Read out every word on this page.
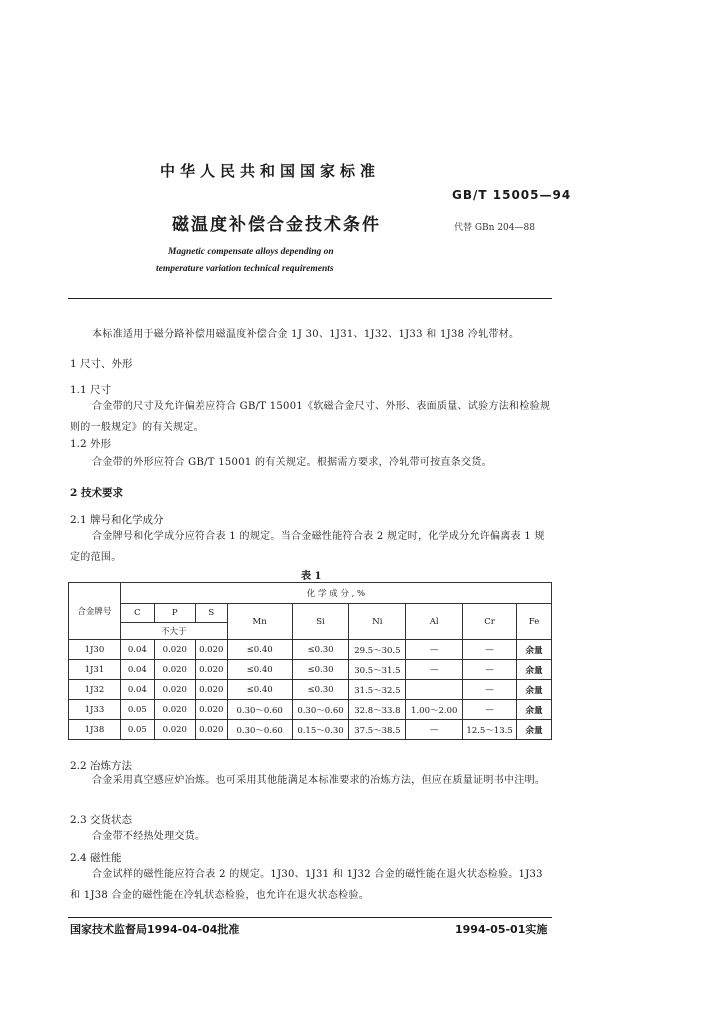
中华人民共和国国家标准
GB/T 15005—94
磁温度补偿合金技术条件	代替 GBn 204—88
Magnetic compensate alloys depending on
temperature variation technical requirements
本标准适用于磁分路补偿用磁温度补偿合金 1J 30、1J31、1J32、1J33 和 1J38 冷轧带材。
1 尺寸、外形
1.1 尺寸
合金带的尺寸及允许偏差应符合 GB/T 15001《软磁合金尺寸、外形、表面质量、试验方法和检验规则的一般规定》的有关规定。
1.2 外形
合金带的外形应符合 GB/T 15001 的有关规定。根据需方要求，冷轧带可按直条交货。
2 技术要求
2.1 牌号和化学成分
合金牌号和化学成分应符合表 1 的规定。当合金磁性能符合表 2 规定时，化学成分允许偏离表 1 规定的范围。
表 1
合金牌号	化 学 成 分 , %								
	C	P	S	Mn	Si	Ni	Al	Cr	Fe
	不大于								
1J30	0.04	0.020	0.020	≤0.40	≤0.30	29.5～30.5	—	—	余量
1J31	0.04	0.020	0.020	≤0.40	≤0.30	30.5～31.5	—	—	余量
1J32	0.04	0.020	0.020	≤0.40	≤0.30	31.5～32.5		—	余量
1J33	0.05	0.020	0.020	0.30～0.60	0.30～0.60	32.8～33.8	1.00～2.00	—	余量
1J38	0.05	0.020	0.020	0.30～0.60	0.15～0.30	37.5～38.5	—	12.5～13.5	余量
2.2 冶炼方法
合金采用真空感应炉冶炼。也可采用其他能满足本标准要求的冶炼方法，但应在质量证明书中注明。
2.3 交货状态
合金带不经热处理交货。
2.4 磁性能
合金试样的磁性能应符合表 2 的规定。1J30、1J31 和 1J32 合金的磁性能在退火状态检验。1J33 和 1J38 合金的磁性能在冷轧状态检验，也允许在退火状态检验。
国家技术监督局1994-04-04批准	1994-05-01实施
